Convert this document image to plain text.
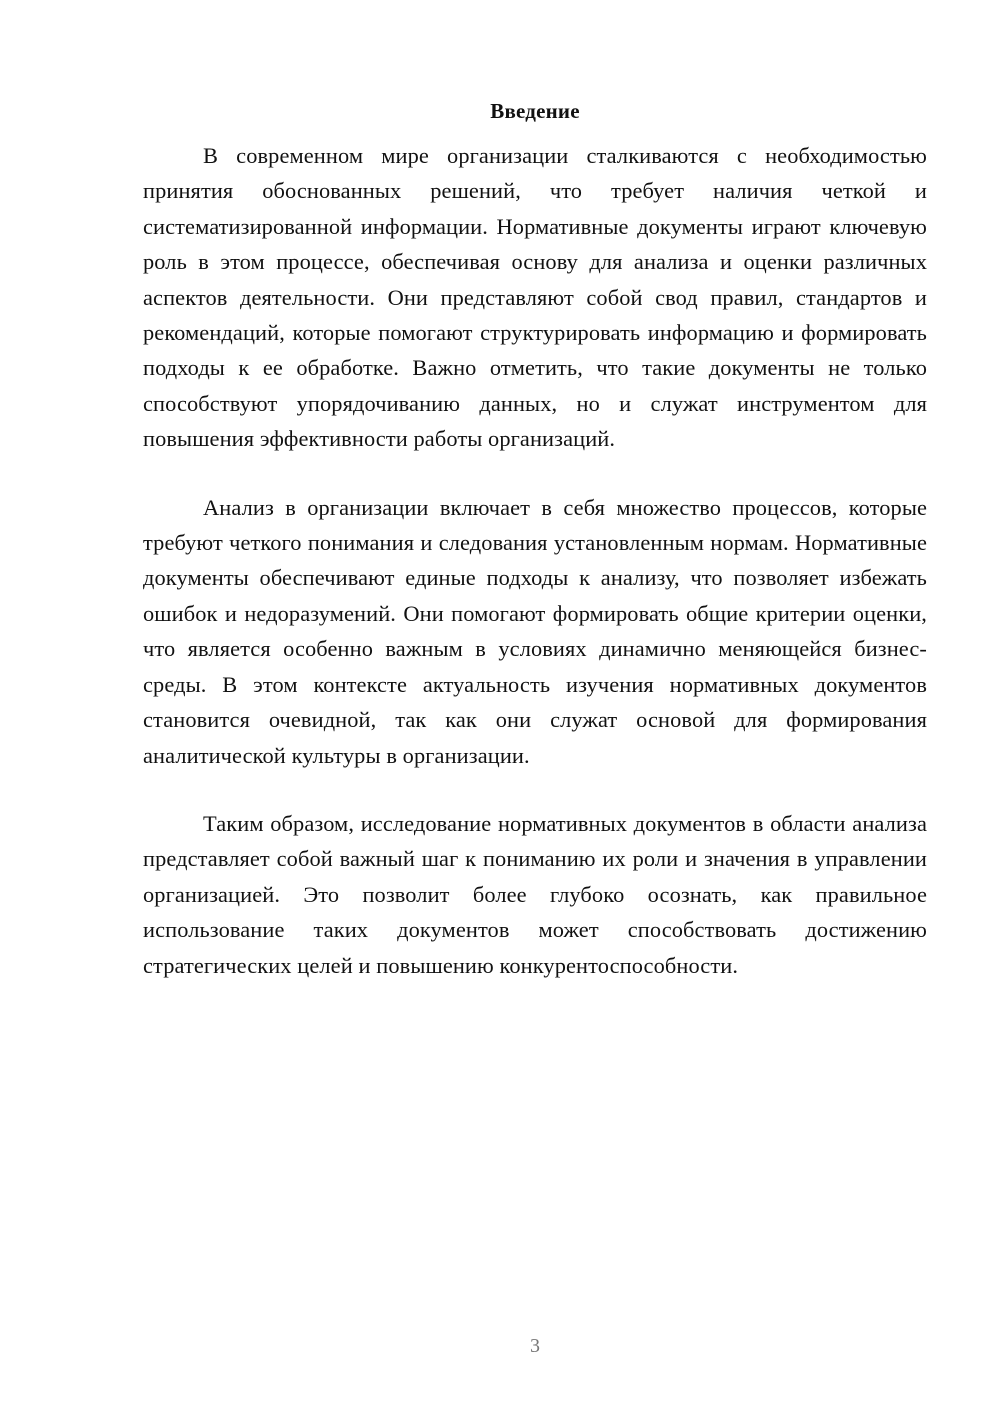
Введение

В современном мире организации сталкиваются с необходимостью принятия обоснованных решений, что требует наличия четкой и систематизированной информации. Нормативные документы играют ключевую роль в этом процессе, обеспечивая основу для анализа и оценки различных аспектов деятельности. Они представляют собой свод правил, стандартов и рекомендаций, которые помогают структурировать информацию и формировать подходы к ее обработке. Важно отметить, что такие документы не только способствуют упорядочиванию данных, но и служат инструментом для повышения эффективности работы организаций.

Анализ в организации включает в себя множество процессов, которые требуют четкого понимания и следования установленным нормам. Нормативные документы обеспечивают единые подходы к анализу, что позволяет избежать ошибок и недоразумений. Они помогают формировать общие критерии оценки, что является особенно важным в условиях динамично меняющейся бизнес-среды. В этом контексте актуальность изучения нормативных документов становится очевидной, так как они служат основой для формирования аналитической культуры в организации.

Таким образом, исследование нормативных документов в области анализа представляет собой важный шаг к пониманию их роли и значения в управлении организацией. Это позволит более глубоко осознать, как правильное использование таких документов может способствовать достижению стратегических целей и повышению конкурентоспособности.

3
